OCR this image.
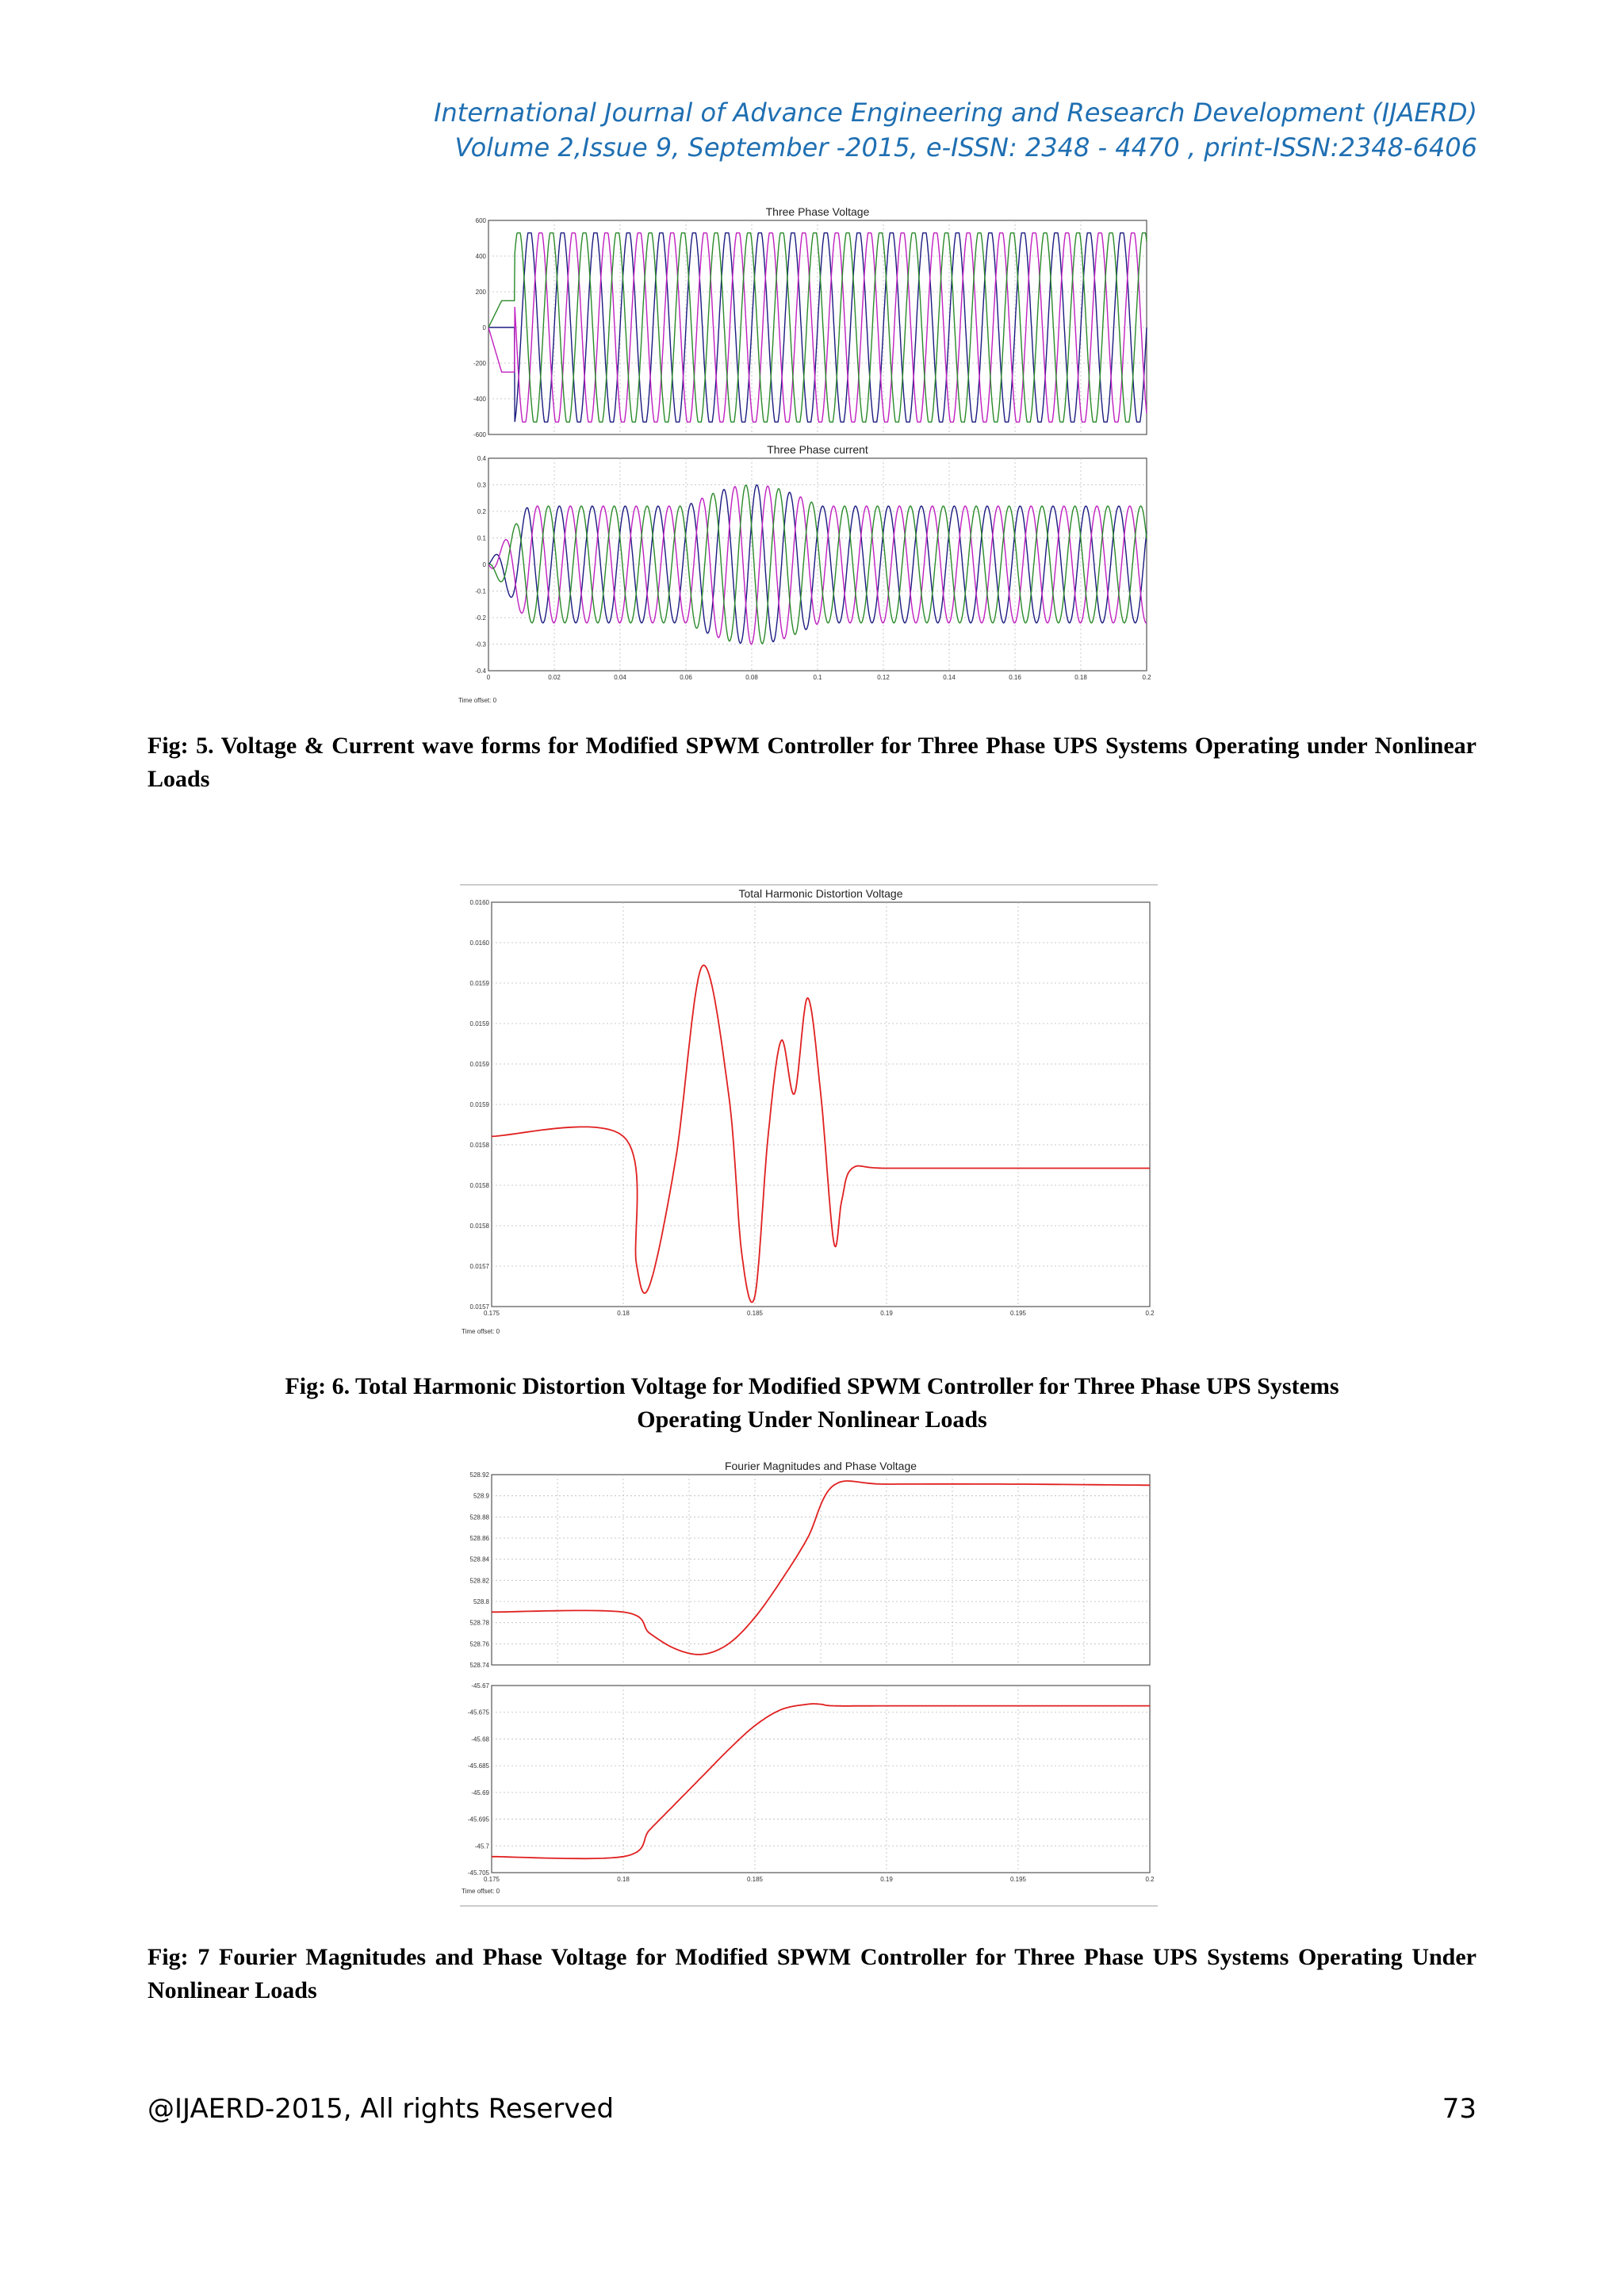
International Journal of Advance Engineering and Research Development (IJAERD)
Volume 2,Issue 9, September -2015, e-ISSN: 2348 - 4470 , print-ISSN:2348-6406
Three Phase Voltage
600
400
200
0
-200
-400
-600
Three Phase current
0.4
0.3
0.2
0.1
0
-0.1
-0.2
-0.3
-0.4
0	0.02	0.04	0.06	0.08	0.1	0.12	0.14	0.16	0.18	0.2
Time offset: 0
Fig: 5. Voltage & Current wave forms for Modified SPWM Controller for Three Phase UPS Systems Operating under Nonlinear Loads
Total Harmonic Distortion Voltage
0.0160
0.0160
0.0159
0.0159
0.0159
0.0159
0.0158
0.0158
0.0158
0.0157
0.0157
0.175	0.18	0.185	0.19	0.195	0.2
Time offset: 0
Fig: 6. Total Harmonic Distortion Voltage for Modified SPWM Controller for Three Phase UPS Systems
Operating Under Nonlinear Loads
Fourier Magnitudes and Phase Voltage
528.92
528.9
528.88
528.86
528.84
528.82
528.8
528.78
528.76
528.74
-45.67
-45.675
-45.68
-45.685
-45.69
-45.695
-45.7
-45.705
0.175	0.18	0.185	0.19	0.195	0.2
Time offset: 0
Fig: 7 Fourier Magnitudes and Phase Voltage for Modified SPWM Controller for Three Phase UPS Systems Operating Under Nonlinear Loads
@IJAERD-2015, All rights Reserved	73
